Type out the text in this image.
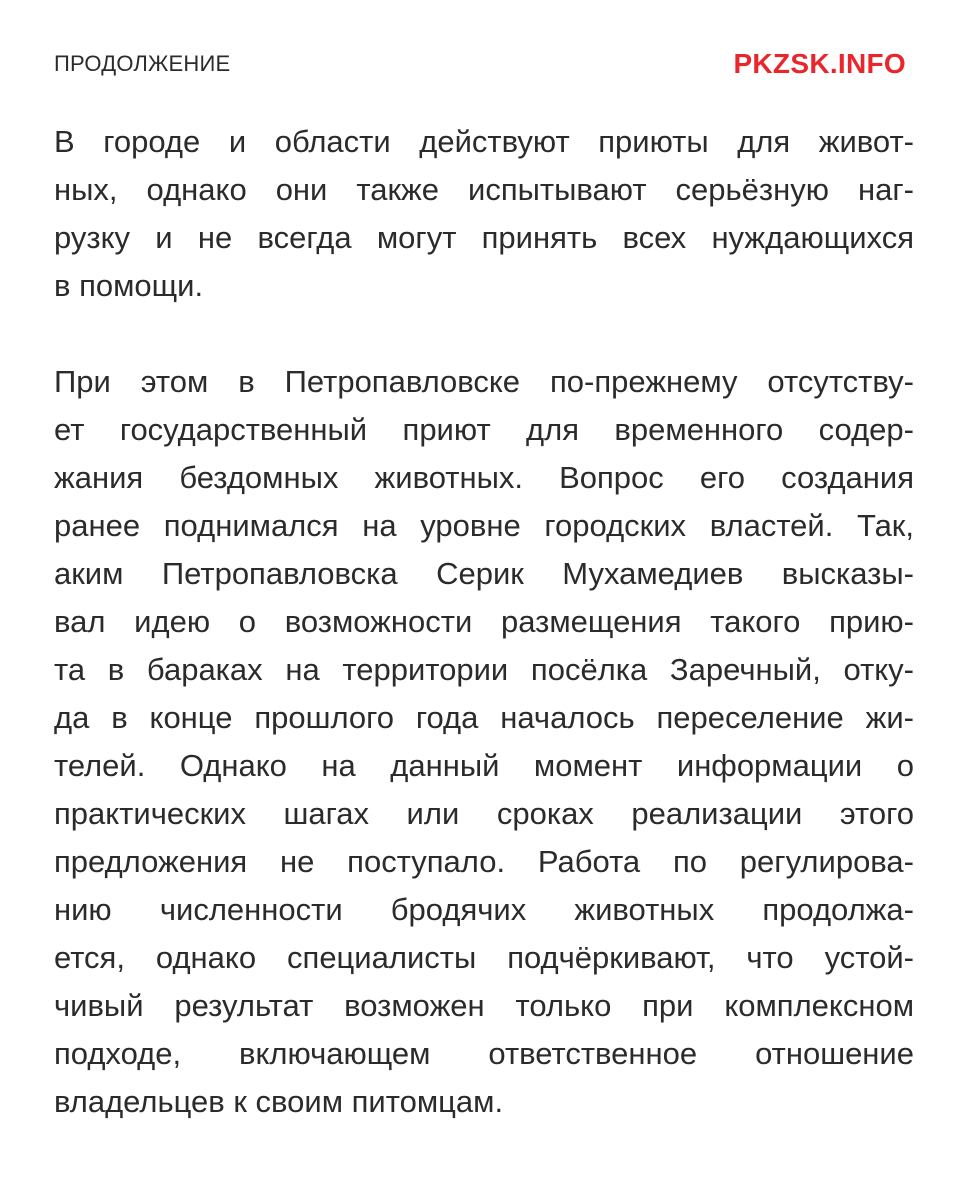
ПРОДОЛЖЕНИЕ	PKZSK.INFO

В городе и области действуют приюты для живот-
ных, однако они также испытывают серьёзную наг-
рузку и не всегда могут принять всех нуждающихся
в помощи.

При этом в Петропавловске по-прежнему отсутству-
ет государственный приют для временного содер-
жания бездомных животных. Вопрос его создания
ранее поднимался на уровне городских властей. Так,
аким Петропавловска Серик Мухамедиев высказы-
вал идею о возможности размещения такого прию-
та в бараках на территории посёлка Заречный, отку-
да в конце прошлого года началось переселение жи-
телей. Однако на данный момент информации о
практических шагах или сроках реализации этого
предложения не поступало. Работа по регулирова-
нию численности бродячих животных продолжа-
ется, однако специалисты подчёркивают, что устой-
чивый результат возможен только при комплексном
подходе, включающем ответственное отношение
владельцев к своим питомцам.
